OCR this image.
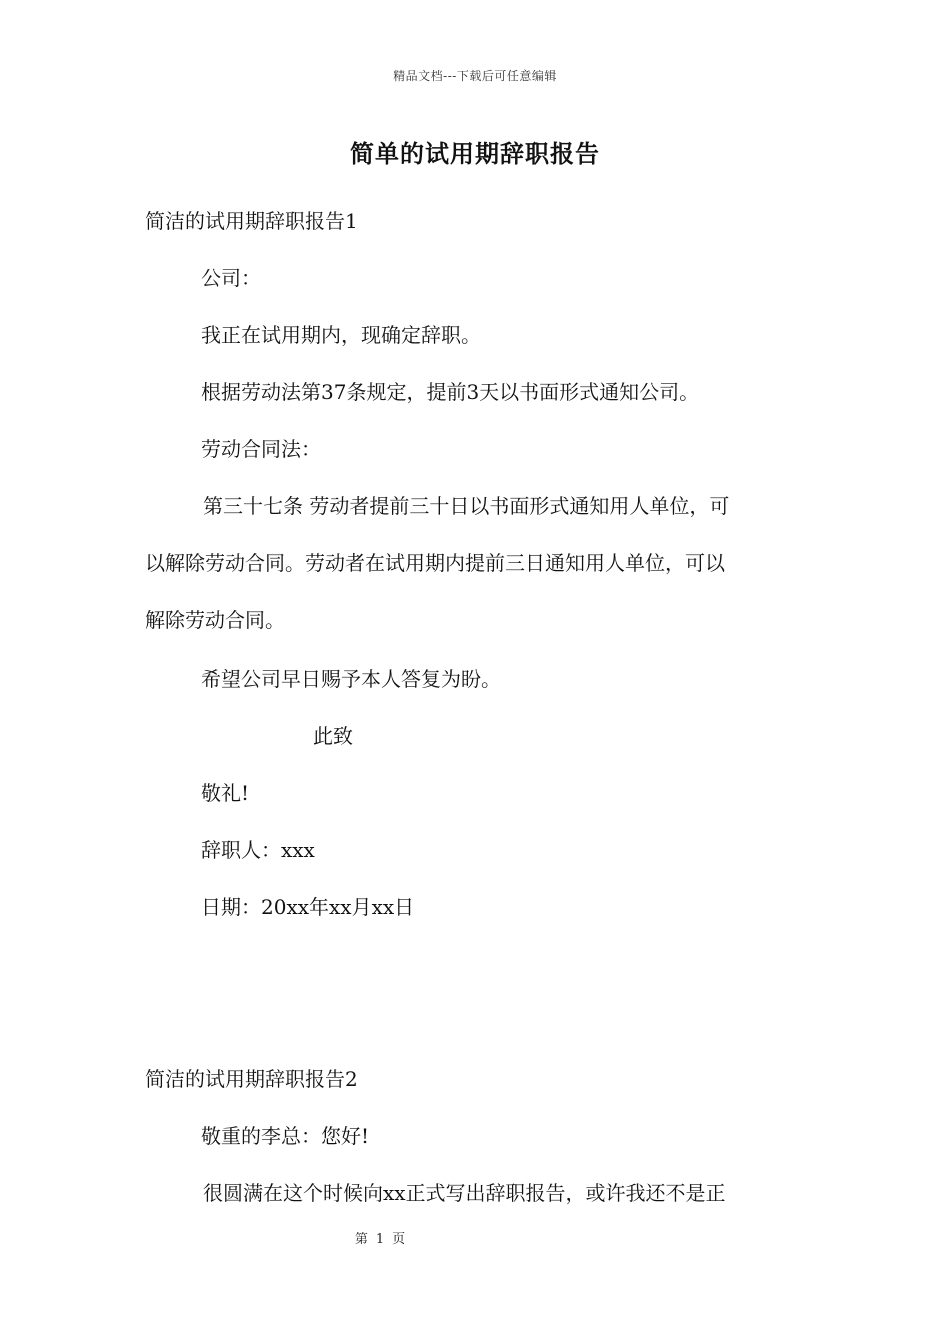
精品文档---下载后可任意编辑
简单的试用期辞职报告
简洁的试用期辞职报告1
公司：
我正在试用期内，现确定辞职。
根据劳动法第37条规定，提前3天以书面形式通知公司。
劳动合同法：
第三十七条 劳动者提前三十日以书面形式通知用人单位，可
以解除劳动合同。劳动者在试用期内提前三日通知用人单位，可以
解除劳动合同。
希望公司早日赐予本人答复为盼。
此致
敬礼!
辞职人：xxx
日期：20xx年xx月xx日
简洁的试用期辞职报告2
敬重的李总：您好!
很圆满在这个时候向xx正式写出辞职报告，或许我还不是正
第 1 页
